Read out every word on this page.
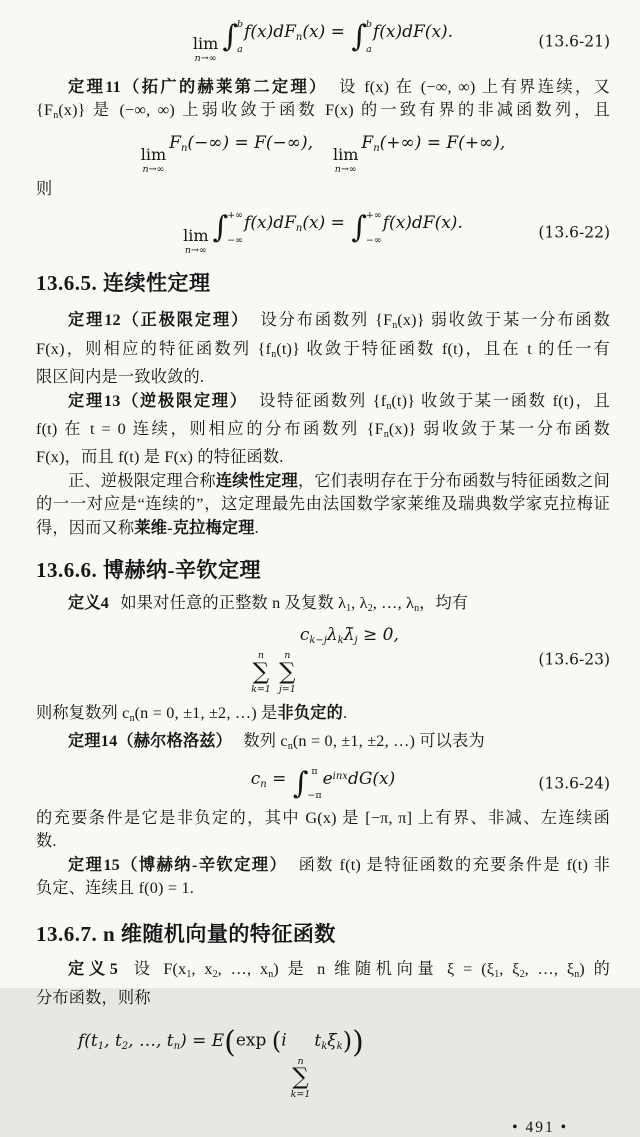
lim
n→∞
∫ b
a
$f(x)dF_n(x)$ = ∫ b
a
f(x)dF(x).	(13.6-21)

定理11（拓广的赫莱第二定理） 设 f(x) 在 (−∞, ∞) 上有界连续，又

$\{F_n(x)\}$ 是 (−∞, ∞) 上弱收敛于函数 F(x) 的一致有界的非减函数列，且

lim
n→∞
$F_n(-\infty) = F(-\infty)$,
lim
n→∞
$F_n(+\infty) = F(+\infty)$,

则

lim
n→∞
∫ +∞
−∞
$f(x)dF_n(x)$ = ∫ +∞
−∞
f(x)dF(x).	(13.6-22)
13.6.5. 连续性定理

定理12（正极限定理） 设分布函数列 $\{F_n(x)\}$ 弱收敛于某一分布函数

F(x)，则相应的特征函数列 $\{f_n(t)\}$ 收敛于特征函数 f(t)，且在 t 的任一有

限区间内是一致收敛的.

定理13（逆极限定理） 设特征函数列 $\{f_n(t)\}$ 收敛于某一函数 f(t)，且

f(t) 在 t = 0 连续，则相应的分布函数列 $\{F_n(x)\}$ 弱收敛于某一分布函数

F(x)，而且 f(t) 是 F(x) 的特征函数.

正、逆极限定理合称连续性定理，它们表明存在于分布函数与特征函数之间

的一一对应是“连续的”，这定理最先由法国数学家莱维及瑞典数学家克拉梅证

得，因而又称莱维-克拉梅定理.

13.6.6. 博赫纳-辛钦定理

定义4 如果对任意的正整数 n 及复数 $\lambda_1$, $\lambda_2$, …, $\lambda_n$，均有

n
∑
k=1
n
∑
j=1
$c_{k-j}\lambda_k\lambdā_j \ge 0$,
(13.6-23)

则称复数列 $c_n(n = 0$, ±1, ±2, …) 是非负定的.

定理14（赫尔格洛兹） 数列 $c_n(n = 0$, ±1, ±2, …) 可以表为

$c_n$ = ∫ π
−π
$e^{inx}dG(x)$	(13.6-24)

的充要条件是它是非负定的，其中 G(x) 是 [−π, π] 上有界、非减、左连续函

数.

定理15（博赫纳-辛钦定理） 函数 f(t) 是特征函数的充要条件是 f(t) 非

负定、连续且 f(0) = 1.

13.6.7. n 维随机向量的特征函数

定义5 设 $F(x_1$, $x_2$, …, $x_n$) 是 n 维随机向量 $\xi = (\xi_1$, $\xi_2$, …, $\xi_n$) 的

分布函数，则称

$f(t_1$, $t_2$, …, $t_n) = E(\exp$ (i
n
∑
k=1
$t_k\xi_k$))
• 491 •
